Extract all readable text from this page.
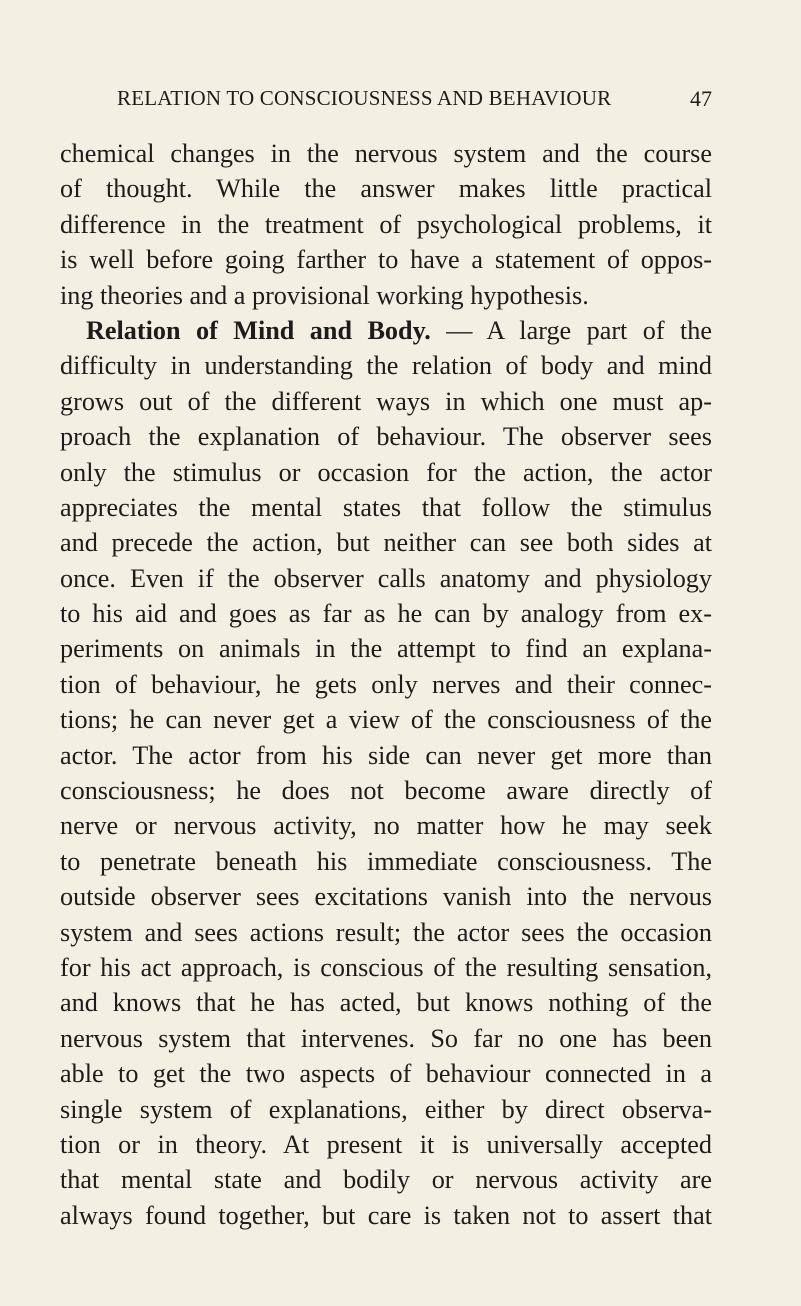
RELATION TO CONSCIOUSNESS AND BEHAVIOUR	47
chemical changes in the nervous system and the course
of thought. While the answer makes little practical
difference in the treatment of psychological problems, it
is well before going farther to have a statement of oppos-
ing theories and a provisional working hypothesis.
Relation of Mind and Body. — A large part of the
difficulty in understanding the relation of body and mind
grows out of the different ways in which one must ap-
proach the explanation of behaviour. The observer sees
only the stimulus or occasion for the action, the actor
appreciates the mental states that follow the stimulus
and precede the action, but neither can see both sides at
once. Even if the observer calls anatomy and physiology
to his aid and goes as far as he can by analogy from ex-
periments on animals in the attempt to find an explana-
tion of behaviour, he gets only nerves and their connec-
tions; he can never get a view of the consciousness of the
actor. The actor from his side can never get more than
consciousness; he does not become aware directly of
nerve or nervous activity, no matter how he may seek
to penetrate beneath his immediate consciousness. The
outside observer sees excitations vanish into the nervous
system and sees actions result; the actor sees the occasion
for his act approach, is conscious of the resulting sensation,
and knows that he has acted, but knows nothing of the
nervous system that intervenes. So far no one has been
able to get the two aspects of behaviour connected in a
single system of explanations, either by direct observa-
tion or in theory. At present it is universally accepted
that mental state and bodily or nervous activity are
always found together, but care is taken not to assert that
